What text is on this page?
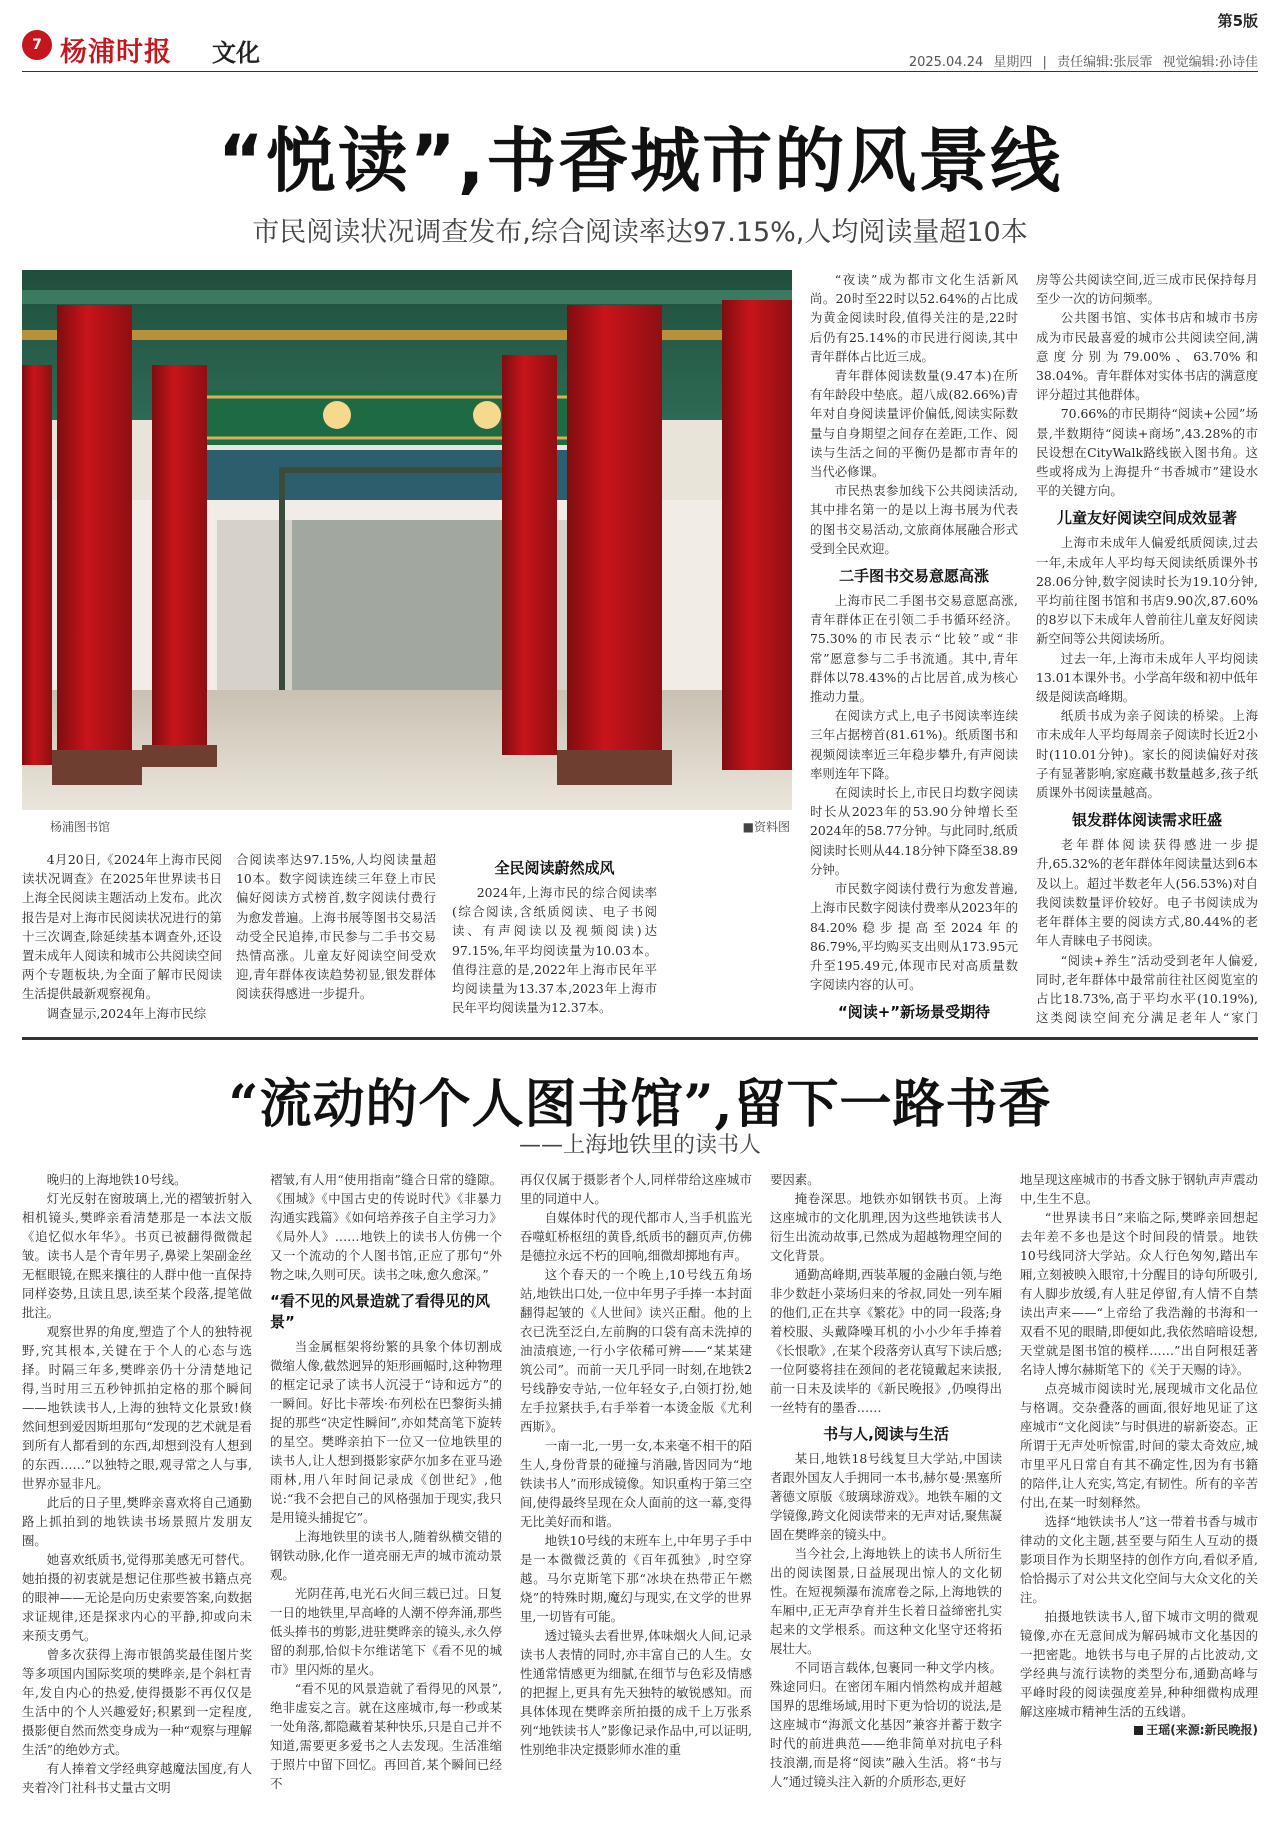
7 杨浦时报 文化
第5版
2025.04.24 星期四 | 责任编辑:张辰霏 视觉编辑:孙诗佳
“悦读”,书香城市的风景线
市民阅读状况调查发布,综合阅读率达97.15%,人均阅读量超10本
杨浦图书馆	■资料图

4月20日,《2024年上海市民阅读状况调查》在2025年世界读书日上海全民阅读主题活动上发布。此次报告是对上海市民阅读状况进行的第十三次调查,除延续基本调查外,还设置未成年人阅读和城市公共阅读空间两个专题板块,为全面了解市民阅读生活提供最新观察视角。

调查显示,2024年上海市民综

合阅读率达97.15%,人均阅读量超10本。数字阅读连续三年登上市民偏好阅读方式榜首,数字阅读付费行为愈发普遍。上海书展等图书交易活动受全民追捧,市民参与二手书交易热情高涨。儿童友好阅读空间受欢迎,青年群体夜读趋势初显,银发群体阅读获得感进一步提升。

全民阅读蔚然成风

2024年,上海市民的综合阅读率(综合阅读,含纸质阅读、电子书阅读、有声阅读以及视频阅读)达97.15%,年平均阅读量为10.03本。值得注意的是,2022年上海市民年平均阅读量为13.37本,2023年上海市民年平均阅读量为12.37本。

“夜读”成为都市文化生活新风尚。20时至22时以52.64%的占比成为黄金阅读时段,值得关注的是,22时后仍有25.14%的市民进行阅读,其中青年群体占比近三成。

青年群体阅读数量(9.47本)在所有年龄段中垫底。超八成(82.66%)青年对自身阅读量评价偏低,阅读实际数量与自身期望之间存在差距,工作、阅读与生活之间的平衡仍是都市青年的当代必修课。

市民热衷参加线下公共阅读活动,其中排名第一的是以上海书展为代表的图书交易活动,文旅商体展融合形式受到全民欢迎。

二手图书交易意愿高涨

上海市民二手图书交易意愿高涨,青年群体正在引领二手书循环经济。75.30%的市民表示“比较”或“非常”愿意参与二手书流通。其中,青年群体以78.43%的占比居首,成为核心推动力量。

在阅读方式上,电子书阅读率连续三年占据榜首(81.61%)。纸质图书和视频阅读率近三年稳步攀升,有声阅读率则连年下降。

在阅读时长上,市民日均数字阅读时长从2023年的53.90分钟增长至2024年的58.77分钟。与此同时,纸质阅读时长则从44.18分钟下降至38.89分钟。

市民数字阅读付费行为愈发普遍,上海市民数字阅读付费率从2023年的84.20%稳步提高至2024年的86.79%,平均购买支出则从173.95元升至195.49元,体现市民对高质量数字阅读内容的认可。

“阅读+”新场景受期待

房等公共阅读空间,近三成市民保持每月至少一次的访问频率。

公共图书馆、实体书店和城市书房成为市民最喜爱的城市公共阅读空间,满意度分别为79.00%、63.70%和38.04%。青年群体对实体书店的满意度评分超过其他群体。

70.66%的市民期待“阅读+公园”场景,半数期待“阅读+商场”,43.28%的市民设想在CityWalk路线嵌入图书角。这些或将成为上海提升“书香城市”建设水平的关键方向。

儿童友好阅读空间成效显著

上海市未成年人偏爱纸质阅读,过去一年,未成年人平均每天阅读纸质课外书28.06分钟,数字阅读时长为19.10分钟,平均前往图书馆和书店9.90次,87.60%的8岁以下未成年人曾前往儿童友好阅读新空间等公共阅读场所。

过去一年,上海市未成年人平均阅读13.01本课外书。小学高年级和初中低年级是阅读高峰期。

纸质书成为亲子阅读的桥梁。上海市未成年人平均每周亲子阅读时长近2小时(110.01分钟)。家长的阅读偏好对孩子有显著影响,家庭藏书数量越多,孩子纸质课外书阅读量越高。

银发群体阅读需求旺盛

老年群体阅读获得感进一步提升,65.32%的老年群体年阅读量达到6本及以上。超过半数老年人(56.53%)对自我阅读数量评价较好。电子书阅读成为老年群体主要的阅读方式,80.44%的老年人青睐电子书阅读。

“阅读+养生”活动受到老年人偏爱,同时,老年群体中最常前往社区阅览室的占比18.73%,高于平均水平(10.19%),这类阅读空间充分满足老年人“家门

“流动的个人图书馆”,留下一路书香
——上海地铁里的读书人

晚归的上海地铁10号线。

灯光反射在窗玻璃上,光的褶皱折射入相机镜头,樊晔亲看清楚那是一本法文版《追忆似水年华》。书页已被翻得微微起皱。读书人是个青年男子,鼻梁上架副金丝无框眼镜,在熙来攘往的人群中他一直保持同样姿势,且读且思,读至某个段落,提笔做批注。

观察世界的角度,塑造了个人的独特视野,究其根本,关键在于个人的心态与选择。时隔三年多,樊晔亲仍十分清楚地记得,当时用三五秒钟抓拍定格的那个瞬间——地铁读书人,上海的独特文化景致!倏然间想到爱因斯坦那句“发现的艺术就是看到所有人都看到的东西,却想到没有人想到的东西……”以独特之眼,观寻常之人与事,世界亦显非凡。

此后的日子里,樊晔亲喜欢将自己通勤路上抓拍到的地铁读书场景照片发朋友圈。

她喜欢纸质书,觉得那美感无可替代。她拍摄的初衷就是想记住那些被书籍点亮的眼神——无论是向历史索要答案,向数据求证规律,还是探求内心的平静,抑或向未来预支勇气。

曾多次获得上海市银鸽奖最佳图片奖等多项国内国际奖项的樊晔亲,是个斜杠青年,发自内心的热爱,使得摄影不再仅仅是生活中的个人兴趣爱好;积累到一定程度,摄影便自然而然变身成为一种“观察与理解生活”的绝妙方式。

有人捧着文学经典穿越魔法国度,有人夹着冷门社科书丈量古文明

褶皱,有人用“使用指南”缝合日常的缝隙。《围城》《中国古史的传说时代》《非暴力沟通实践篇》《如何培养孩子自主学习力》《局外人》……地铁上的读书人仿佛一个又一个流动的个人图书馆,正应了那句“外物之味,久则可厌。读书之味,愈久愈深。”

“看不见的风景造就了看得见的风景”

当金属框架将纷繁的具象个体切割成微缩人像,截然迥异的矩形画幅时,这种物理的框定记录了读书人沉浸于“诗和远方”的一瞬间。好比卡蒂埃·布列松在巴黎街头捕捉的那些“决定性瞬间”,亦如梵高笔下旋转的星空。樊晔亲拍下一位又一位地铁里的读书人,让人想到摄影家萨尔加多在亚马逊雨林,用八年时间记录成《创世纪》,他说:“我不会把自己的风格强加于现实,我只是用镜头捕捉它”。

上海地铁里的读书人,随着纵横交错的钢铁动脉,化作一道亮丽无声的城市流动景观。

光阴荏苒,电光石火间三载已过。日复一日的地铁里,早高峰的人潮不停奔涌,那些低头捧书的剪影,进驻樊晔亲的镜头,永久停留的刹那,恰似卡尔维诺笔下《看不见的城市》里闪烁的星火。

“看不见的风景造就了看得见的风景”,绝非虚妄之言。就在这座城市,每一秒或某一处角落,都隐藏着某种快乐,只是自己并不知道,需要更多爱书之人去发现。生活准缩于照片中留下回忆。再回首,某个瞬间已经不

再仅仅属于摄影者个人,同样带给这座城市里的同道中人。

自媒体时代的现代都市人,当手机监光吞噬虹桥枢纽的黄昏,纸质书的翻页声,仿佛是德拉永远不朽的回响,细微却掷地有声。

这个春天的一个晚上,10号线五角场站,地铁出口处,一位中年男子手捧一本封面翻得起皱的《人世间》读兴正酣。他的上衣已洗至泛白,左前胸的口袋有高未洗掉的油渍痕迹,一行小字依稀可辨——“某某建筑公司”。而前一天几乎同一时刻,在地铁2号线静安寺站,一位年轻女子,白领打扮,她左手拉紧扶手,右手举着一本烫金版《尤利西斯》。

一南一北,一男一女,本来毫不相干的陌生人,身份背景的碰撞与消融,皆因同为“地铁读书人”而形成镜像。知识重构于第三空间,使得最终呈现在众人面前的这一幕,变得无比美好而和谐。

地铁10号线的末班车上,中年男子手中是一本微微泛黄的《百年孤独》,时空穿越。马尔克斯笔下那“冰块在热带正午燃烧”的特殊时期,魔幻与现实,在文学的世界里,一切皆有可能。

透过镜头去看世界,体味烟火人间,记录读书人表情的同时,亦丰富自己的人生。女性通常情感更为细腻,在细节与色彩及情感的把握上,更具有先天独特的敏锐感知。而具体体现在樊晔亲所拍摄的成千上万张系列“地铁读书人”影像记录作品中,可以证明,性别绝非决定摄影师水准的重

要因素。

掩卷深思。地铁亦如钢铁书页。上海这座城市的文化肌理,因为这些地铁读书人衍生出流动故事,已然成为超越物理空间的文化背景。

通勤高峰期,西装革履的金融白领,与绝非少数赶小菜场归来的爷叔,同处一列车厢的他们,正在共享《繁花》中的同一段落;身着校服、头戴降噪耳机的小小少年手捧着《长恨歌》,在某个段落旁认真写下读后感;一位阿婆将挂在颈间的老花镜戴起来读报,前一日未及读毕的《新民晚报》,仍嗅得出一丝特有的墨香……

书与人,阅读与生活

某日,地铁18号线复旦大学站,中国读者跟外国友人手拥同一本书,赫尔曼·黑塞所著德文原版《玻璃球游戏》。地铁车厢的文学镜像,跨文化阅读带来的无声对话,聚焦凝固在樊晔亲的镜头中。

当今社会,上海地铁上的读书人所衍生出的阅读图景,日益展现出惊人的文化韧性。在短视频瀑布流席卷之际,上海地铁的车厢中,正无声孕育并生长着日益缔密扎实起来的文学根系。而这种文化坚守还将拓展壮大。

不同语言载体,包裹同一种文学内核。殊途同归。在密闭车厢内悄然构成并超越国界的思维场域,用时下更为恰切的说法,是这座城市“海派文化基因”兼容并蓄于数字时代的前进典范——绝非简单对抗电子科技浪潮,而是将“阅读”融入生活。将“书与人”通过镜头注入新的介质形态,更好

地呈现这座城市的书香文脉于钢轨声声震动中,生生不息。

“世界读书日”来临之际,樊晔亲回想起去年差不多也是这个时间段的情景。地铁10号线同济大学站。众人行色匆匆,踏出车厢,立刻被映入眼帘,十分醒目的诗句所吸引,有人脚步放缓,有人驻足停留,有人情不自禁读出声来——“上帝给了我浩瀚的书海和一双看不见的眼睛,即便如此,我依然暗暗设想,天堂就是图书馆的模样……”出自阿根廷著名诗人博尔赫斯笔下的《关于天赐的诗》。

点亮城市阅读时光,展现城市文化品位与格调。交杂叠落的画面,很好地见证了这座城市“文化阅读”与时俱进的崭新姿态。正所谓于无声处听惊雷,时间的蒙太奇效应,城市里平凡日常自有其不确定性,因为有书籍的陪伴,让人充实,笃定,有韧性。所有的辛苦付出,在某一时刻释然。

选择“地铁读书人”这一带着书香与城市律动的文化主题,甚至要与陌生人互动的摄影项目作为长期坚持的创作方向,看似矛盾,恰恰揭示了对公共文化空间与大众文化的关注。

拍摄地铁读书人,留下城市文明的微观镜像,亦在无意间成为解码城市文化基因的一把密匙。地铁书与电子屏的占比波动,文学经典与流行读物的类型分布,通勤高峰与平峰时段的阅读强度差异,种种细微构成理解这座城市精神生活的五线谱。

王瑶(来源:新民晚报)
